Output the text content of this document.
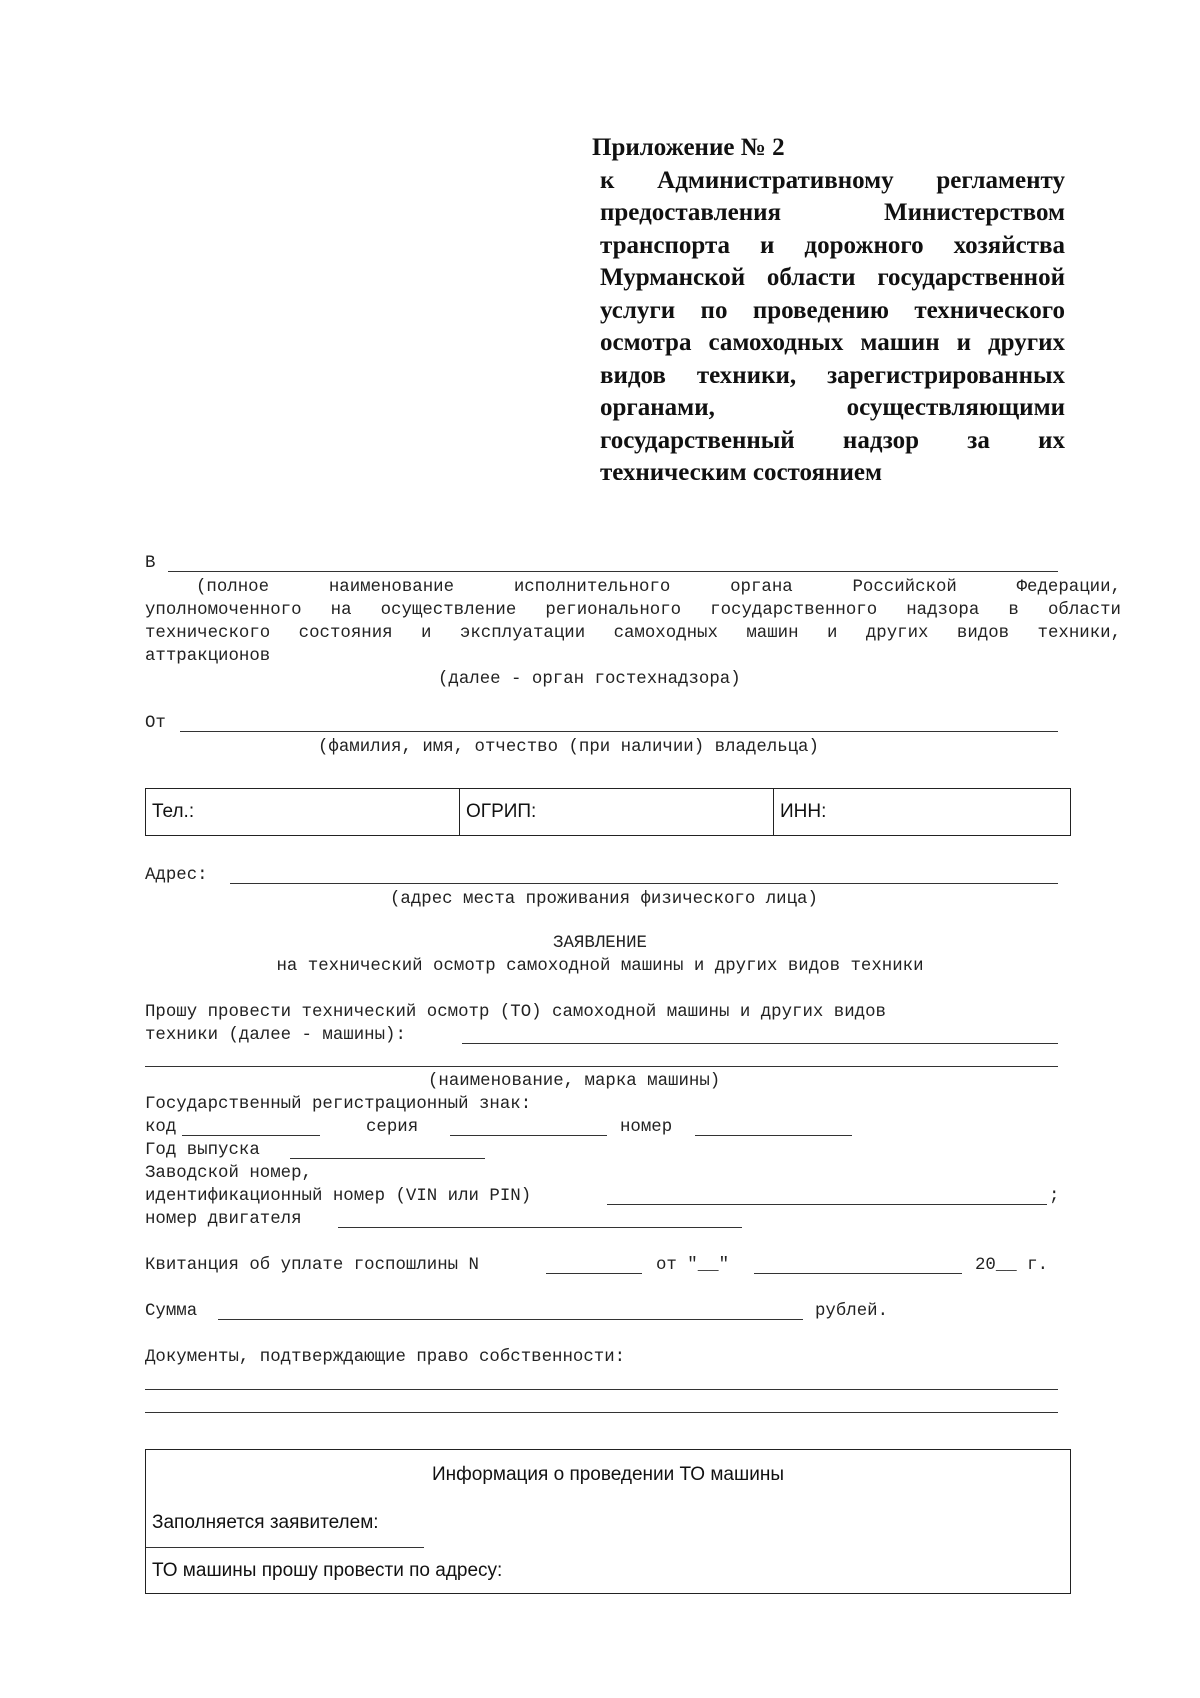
Приложение № 2
к Административному регламенту предоставления Министерством транспорта и дорожного хозяйства Мурманской области государственной услуги по проведению технического осмотра самоходных машин и других видов техники, зарегистрированных органами, осуществляющими государственный надзор за их техническим состоянием
В
(полное наименование исполнительного органа Российской Федерации,
уполномоченного на осуществление регионального государственного надзора в области
технического состояния и эксплуатации самоходных машин и других видов техники,
аттракционов
(далее - орган гостехнадзора)
От
(фамилия, имя, отчество (при наличии) владельца)
Тел.:	ОГРИП:	ИНН:
Адрес:
(адрес места проживания физического лица)
ЗАЯВЛЕНИЕ
на технический осмотр самоходной машины и других видов техники
Прошу провести технический осмотр (ТО) самоходной машины и других видов
техники (далее - машины):
(наименование, марка машины)
Государственный регистрационный знак:
код	серия	номер
Год выпуска
Заводской номер,
идентификационный номер (VIN или PIN)	;
номер двигателя
Квитанция об уплате госпошлины N	от "__"	20__ г.
Сумма	рублей.
Документы, подтверждающие право собственности:
Информация о проведении ТО машины
Заполняется заявителем:
ТО машины прошу провести по адресу:
